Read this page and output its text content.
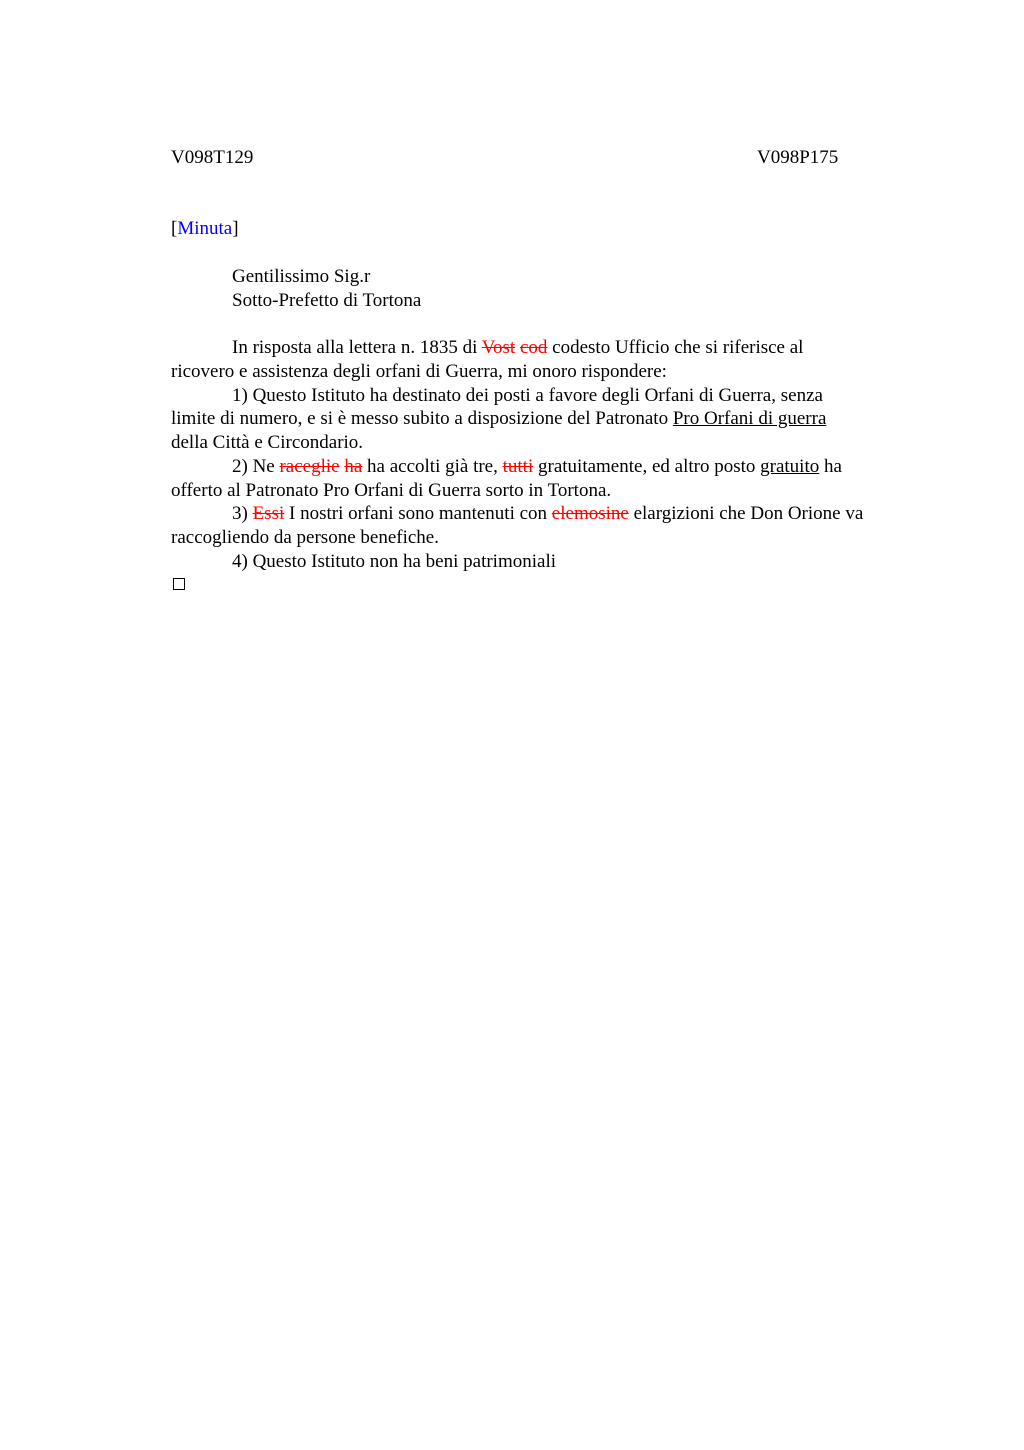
V098T129	V098P175
[Minuta]
Gentilissimo Sig.r
Sotto-Prefetto di Tortona
In risposta alla lettera n. 1835 di Vost cod codesto Ufficio che si riferisce al
ricovero e assistenza degli orfani di Guerra, mi onoro rispondere:
1) Questo Istituto ha destinato dei posti a favore degli Orfani di Guerra, senza
limite di numero, e si è messo subito a disposizione del Patronato Pro Orfani di guerra
della Città e Circondario.
2) Ne raceglie ha ha accolti già tre, tutti gratuitamente, ed altro posto gratuito ha
offerto al Patronato Pro Orfani di Guerra sorto in Tortona.
3) Essi I nostri orfani sono mantenuti con elemosine elargizioni che Don Orione va
raccogliendo da persone benefiche.
4) Questo Istituto non ha beni patrimoniali
